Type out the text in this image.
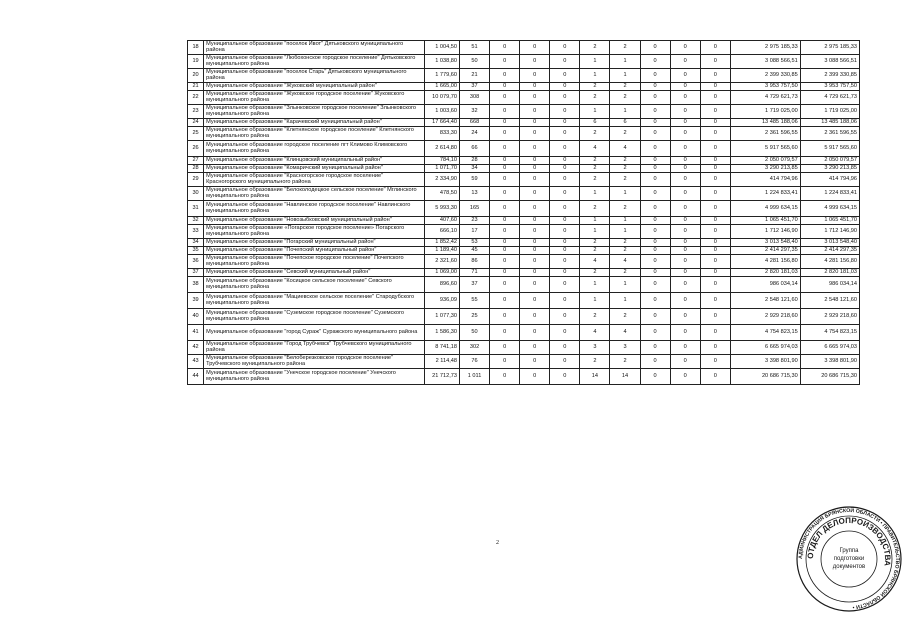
18	Муниципальное образование "поселок Ивот" Дятьковского муниципального района	1 004,50	51	0	0	0	2	2	0	0	0	2 975 185,33	2 975 185,33
19	Муниципальное образование "Любохонское городское поселение" Дятьковского муниципального района	1 038,80	50	0	0	0	1	1	0	0	0	3 088 566,51	3 088 566,51
20	Муниципальное образование "поселок Старь" Дятьковского муниципального района	1 779,60	21	0	0	0	1	1	0	0	0	2 399 330,85	2 399 330,85
21	Муниципальное образование "Жуковский муниципальный район"	1 665,00	37	0	0	0	2	2	0	0	0	3 953 757,50	3 953 757,50
22	Муниципальное образование "Жуковское городское поселение" Жуковского муниципального района	10 079,70	308	0	0	0	2	2	0	0	0	4 729 621,73	4 729 621,73
23	Муниципальное образование "Злынковское городское поселение" Злынковского муниципального района	1 003,60	32	0	0	0	1	1	0	0	0	1 719 025,00	1 719 025,00
24	Муниципальное образование "Карачевский муниципальный район"	17 664,40	668	0	0	0	6	6	0	0	0	13 485 188,06	13 485 188,06
25	Муниципальное образование "Клетнянское городское поселение" Клетнянского муниципального района	833,30	24	0	0	0	2	2	0	0	0	2 361 596,55	2 361 596,55
26	Муниципальное образование городское поселение пгт Климово Климовского муниципального района	2 614,80	66	0	0	0	4	4	0	0	0	5 917 565,60	5 917 565,60
27	Муниципальное образование "Клинцовский муниципальный район"	784,10	28	0	0	0	2	2	0	0	0	2 050 079,57	2 050 079,57
28	Муниципальное образование "Комаричский муниципальный район"	1 071,70	34	0	0	0	2	2	0	0	0	3 290 213,85	3 290 213,85
29	Муниципальное образование "Красногорское городское поселение" Красногорского муниципального района	2 334,90	59	0	0	0	2	2	0	0	0	414 794,96	414 794,96
30	Муниципальное образование "Белоколодецкое сельское поселение" Мглинского муниципального района	478,50	13	0	0	0	1	1	0	0	0	1 224 833,41	1 224 833,41
31	Муниципальное образование "Навлинское городское поселение" Навлинского муниципального района	5 993,30	165	0	0	0	2	2	0	0	0	4 999 634,15	4 999 634,15
32	Муниципальное образование "Новозыбковский муниципальный район"	407,60	23	0	0	0	1	1	0	0	0	1 065 451,70	1 065 451,70
33	Муниципальное образование «Погарское городское поселение» Погарского муниципального района	666,10	17	0	0	0	1	1	0	0	0	1 712 146,90	1 712 146,90
34	Муниципальное образование "Погарский муниципальный район"	1 852,42	53	0	0	0	2	2	0	0	0	3 013 548,40	3 013 548,40
35	Муниципальное образование "Почепский муниципальный район"	1 189,40	45	0	0	0	2	2	0	0	0	2 414 297,35	2 414 297,35
36	Муниципальное образование "Почепское городское поселение" Почепского муниципального района	2 321,60	86	0	0	0	4	4	0	0	0	4 281 156,80	4 281 156,80
37	Муниципальное образование "Севский муниципальный район"	1 069,00	71	0	0	0	2	2	0	0	0	2 820 181,03	2 820 181,03
38	Муниципальное образование "Косицкое сельское поселение" Севского муниципального района	896,60	37	0	0	0	1	1	0	0	0	986 034,14	986 034,14
39	Муниципальное образование "Мациевское сельское поселение" Стародубского муниципального района	936,09	55	0	0	0	1	1	0	0	0	2 548 121,60	2 548 121,60
40	Муниципальное образование "Суземское городское поселение" Суземского муниципального района	1 077,30	25	0	0	0	2	2	0	0	0	2 929 218,60	2 929 218,60
41	Муниципальное образование "город Сураж" Суражского муниципального района	1 586,30	50	0	0	0	4	4	0	0	0	4 754 823,15	4 754 823,15
42	Муниципальное образование "Город Трубчевск" Трубчевского муниципального района	8 741,18	302	0	0	0	3	3	0	0	0	6 665 974,03	6 665 974,03
43	Муниципальное образование "Белоберезковское городское поселение" Трубчевского муниципального района	2 114,48	76	0	0	0	2	2	0	0	0	3 398 801,90	3 398 801,90
44	Муниципальное образование "Унечское городское поселение" Унечского муниципального района	21 712,73	1 011	0	0	0	14	14	0	0	0	20 686 715,30	20 686 715,30
2
АДМИНИСТРАЦИЯ БРЯНСКОЙ ОБЛАСТИ • ПРАВИТЕЛЬСТВО БРЯНСКОЙ ОБЛАСТИ •
ОТДЕЛ ДЕЛОПРОИЗВОДСТВА
Группа
подготовки
документов
